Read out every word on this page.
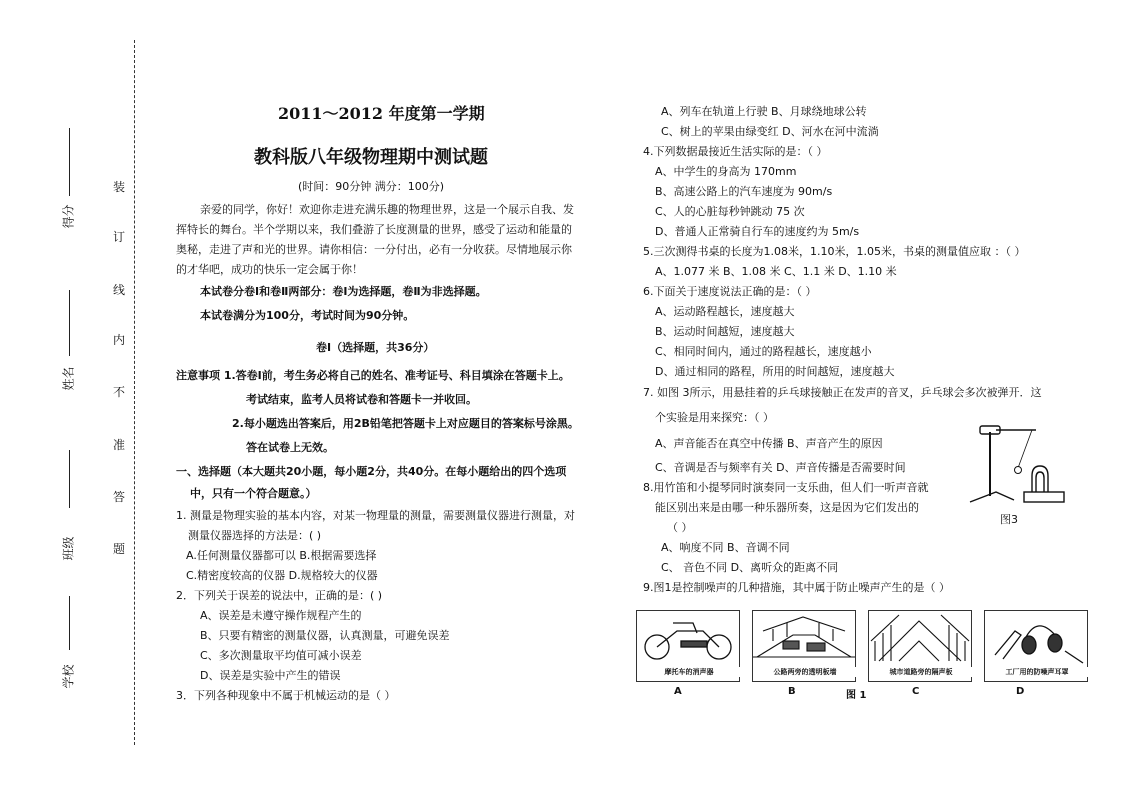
装
订
线
内
不
准
答
题
得分
姓名
班级
学校
2011～2012 年度第一学期
教科版八年级物理期中测试题
(时间：90分钟 满分：100分)
亲爱的同学，你好！欢迎你走进充满乐趣的物理世界，这是一个展示自我、发
挥特长的舞台。半个学期以来，我们叠游了长度测量的世界，感受了运动和能量的
奥秘，走进了声和光的世界。请你相信：一分付出，必有一分收获。尽情地展示你
的才华吧，成功的快乐一定会属于你！
本试卷分卷Ⅰ和卷Ⅱ两部分：卷Ⅰ为选择题，卷Ⅱ为非选择题。
本试卷满分为100分，考试时间为90分钟。
卷Ⅰ（选择题，共36分）
注意事项 1.答卷Ⅰ前，考生务必将自己的姓名、准考证号、科目填涂在答题卡上。
考试结束，监考人员将试卷和答题卡一并收回。
2.每小题选出答案后，用2B铅笔把答题卡上对应题目的答案标号涂黑。
答在试卷上无效。
一、选择题（本大题共20小题，每小题2分，共40分。在每小题给出的四个选项
中，只有一个符合题意。）
1. 测量是物理实验的基本内容，对某一物理量的测量，需要测量仪器进行测量，对
测量仪器选择的方法是：( )
A.任何测量仪器都可以 B.根据需要选择
C.精密度较高的仪器 D.规格较大的仪器
2．下列关于误差的说法中，正确的是：( )
A、误差是未遵守操作规程产生的
B、只要有精密的测量仪器，认真测量，可避免误差
C、多次测量取平均值可减小误差
D、误差是实验中产生的错误
3．下列各种现象中不属于机械运动的是（ ）
A、列车在轨道上行驶 B、月球绕地球公转
C、树上的苹果由绿变红 D、河水在河中流淌
4.下列数据最接近生活实际的是：（ ）
A、中学生的身高为 170mm
B、高速公路上的汽车速度为 90m/s
C、人的心脏每秒钟跳动 75 次
D、普通人正常骑自行车的速度约为 5m/s
5.三次测得书桌的长度为1.08米，1.10米，1.05米，书桌的测量值应取 ：（ ）
A、1.077 米 B、1.08 米 C、1.1 米 D、1.10 米
6.下面关于速度说法正确的是：（ ）
A、运动路程越长，速度越大
B、运动时间越短，速度越大
C、相同时间内，通过的路程越长，速度越小
D、通过相同的路程，所用的时间越短，速度越大
7. 如图 3所示，用悬挂着的乒乓球接触正在发声的音叉，乒乓球会多次被弹开．这
个实验是用来探究：（ ）
A、声音能否在真空中传播 B、声音产生的原因
C、音调是否与频率有关 D、声音传播是否需要时间
8.用竹笛和小提琴同时演奏同一支乐曲，但人们一听声音就
能区别出来是由哪一种乐器所奏，这是因为它们发出的
（ ）
A、响度不同 B、音调不同
C、 音色不同 D、离听众的距离不同
9.图1是控制噪声的几种措施，其中属于防止噪声产生的是（ ）
图3
摩托车的消声器	公路两旁的透明板墙	城市道路旁的隔声板	工厂用的防噪声耳罩
A	B	图 1	C	D
